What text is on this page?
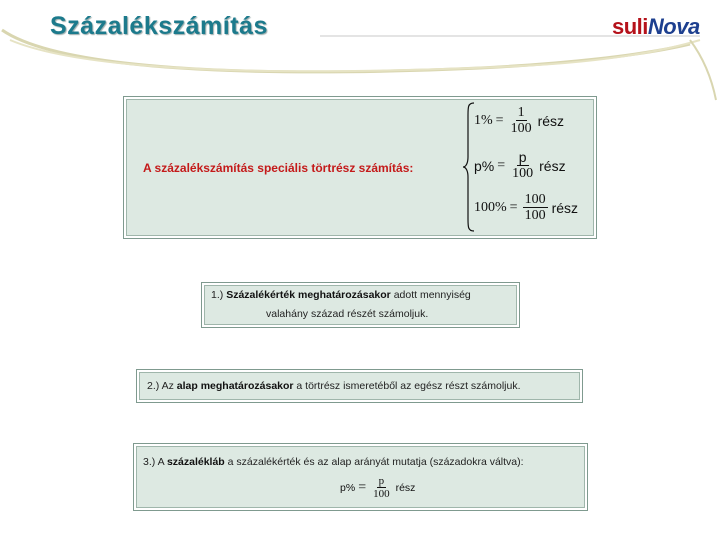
Százalékszámítás	suliNova
A százalékszámítás speciális törtrész számítás:
$1\% = \frac{1}{100}$ rész
$p\% = \frac{p}{100}$ rész
$100\% = \frac{100}{100}$ rész
1.) Százalékérték meghatározásakor adott mennyiség
valahány század részét számoljuk.
2.) Az alap meghatározásakor a törtrész ismeretéből az egész részt számoljuk.
3.) A százalékláb a százalékérték és az alap arányát mutatja (századokra váltva):
$p\% = \frac{p}{100}$ rész
